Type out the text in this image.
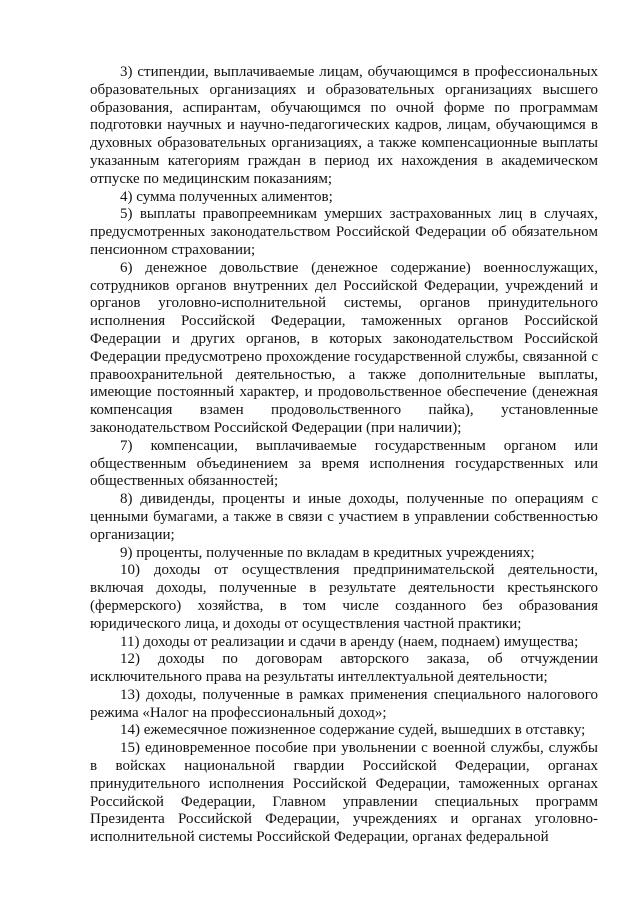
3) стипендии, выплачиваемые лицам, обучающимся в профессиональных образовательных организациях и образовательных организациях высшего образования, аспирантам, обучающимся по очной форме по программам подготовки научных и научно-педагогических кадров, лицам, обучающимся в духовных образовательных организациях, а также компенсационные выплаты указанным категориям граждан в период их нахождения в академическом отпуске по медицинским показаниям;

4) сумма полученных алиментов;

5) выплаты правопреемникам умерших застрахованных лиц в случаях, предусмотренных законодательством Российской Федерации об обязательном пенсионном страховании;

6) денежное довольствие (денежное содержание) военнослужащих, сотрудников органов внутренних дел Российской Федерации, учреждений и органов уголовно-исполнительной системы, органов принудительного исполнения Российской Федерации, таможенных органов Российской Федерации и других органов, в которых законодательством Российской Федерации предусмотрено прохождение государственной службы, связанной с правоохранительной деятельностью, а также дополнительные выплаты, имеющие постоянный характер, и продовольственное обеспечение (денежная компенсация взамен продовольственного пайка), установленные законодательством Российской Федерации (при наличии);

7) компенсации, выплачиваемые государственным органом или общественным объединением за время исполнения государственных или общественных обязанностей;

8) дивиденды, проценты и иные доходы, полученные по операциям с ценными бумагами, а также в связи с участием в управлении собственностью организации;

9) проценты, полученные по вкладам в кредитных учреждениях;

10) доходы от осуществления предпринимательской деятельности, включая доходы, полученные в результате деятельности крестьянского (фермерского) хозяйства, в том числе созданного без образования юридического лица, и доходы от осуществления частной практики;

11) доходы от реализации и сдачи в аренду (наем, поднаем) имущества;

12) доходы по договорам авторского заказа, об отчуждении исключительного права на результаты интеллектуальной деятельности;

13) доходы, полученные в рамках применения специального налогового режима «Налог на профессиональный доход»;

14) ежемесячное пожизненное содержание судей, вышедших в отставку;

15) единовременное пособие при увольнении с военной службы, службы в войсках национальной гвардии Российской Федерации, органах принудительного исполнения Российской Федерации, таможенных органах Российской Федерации, Главном управлении специальных программ Президента Российской Федерации, учреждениях и органах уголовно-исполнительной системы Российской Федерации, органах федеральной
